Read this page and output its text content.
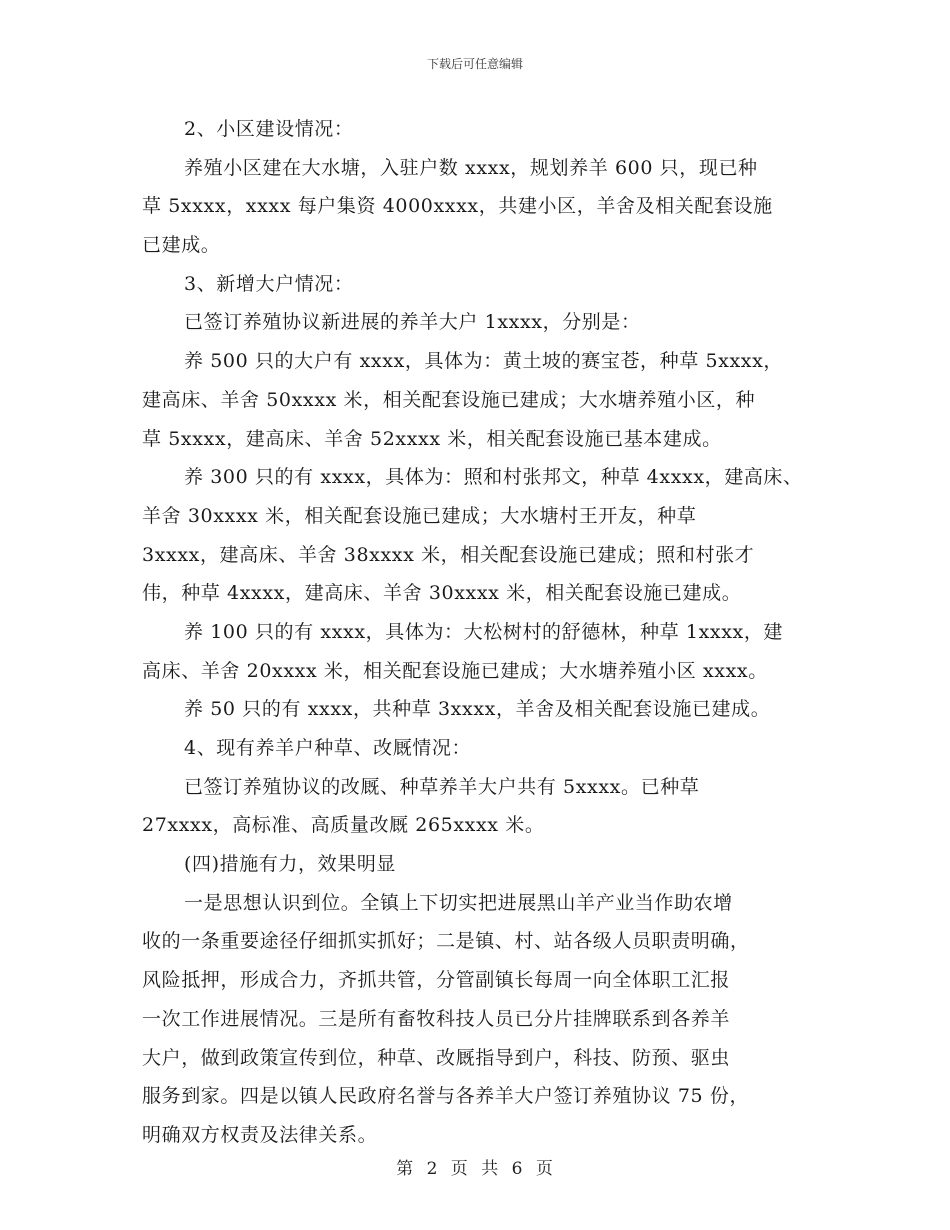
下载后可任意编辑
2、小区建设情况：
养殖小区建在大水塘，入驻户数 xxxx，规划养羊 600 只，现已种
草 5xxxx，xxxx 每户集资 4000xxxx，共建小区，羊舍及相关配套设施
已建成。
3、新增大户情况：
已签订养殖协议新进展的养羊大户 1xxxx，分别是：
养 500 只的大户有 xxxx，具体为：黄土坡的赛宝苍，种草 5xxxx，
建高床、羊舍 50xxxx 米，相关配套设施已建成；大水塘养殖小区，种
草 5xxxx，建高床、羊舍 52xxxx 米，相关配套设施已基本建成。
养 300 只的有 xxxx，具体为：照和村张邦文，种草 4xxxx，建高床、
羊舍 30xxxx 米，相关配套设施已建成；大水塘村王开友，种草
3xxxx，建高床、羊舍 38xxxx 米，相关配套设施已建成；照和村张才
伟，种草 4xxxx，建高床、羊舍 30xxxx 米，相关配套设施已建成。
养 100 只的有 xxxx，具体为：大松树村的舒德林，种草 1xxxx，建
高床、羊舍 20xxxx 米，相关配套设施已建成；大水塘养殖小区 xxxx。
养 50 只的有 xxxx，共种草 3xxxx，羊舍及相关配套设施已建成。
4、现有养羊户种草、改厩情况：
已签订养殖协议的改厩、种草养羊大户共有 5xxxx。已种草
27xxxx，高标准、高质量改厩 265xxxx 米。
(四)措施有力，效果明显
一是思想认识到位。全镇上下切实把进展黑山羊产业当作助农增
收的一条重要途径仔细抓实抓好；二是镇、村、站各级人员职责明确，
风险抵押，形成合力，齐抓共管，分管副镇长每周一向全体职工汇报
一次工作进展情况。三是所有畜牧科技人员已分片挂牌联系到各养羊
大户，做到政策宣传到位，种草、改厩指导到户，科技、防预、驱虫
服务到家。四是以镇人民政府名誉与各养羊大户签订养殖协议 75 份，
明确双方权责及法律关系。
第 2 页 共 6 页
